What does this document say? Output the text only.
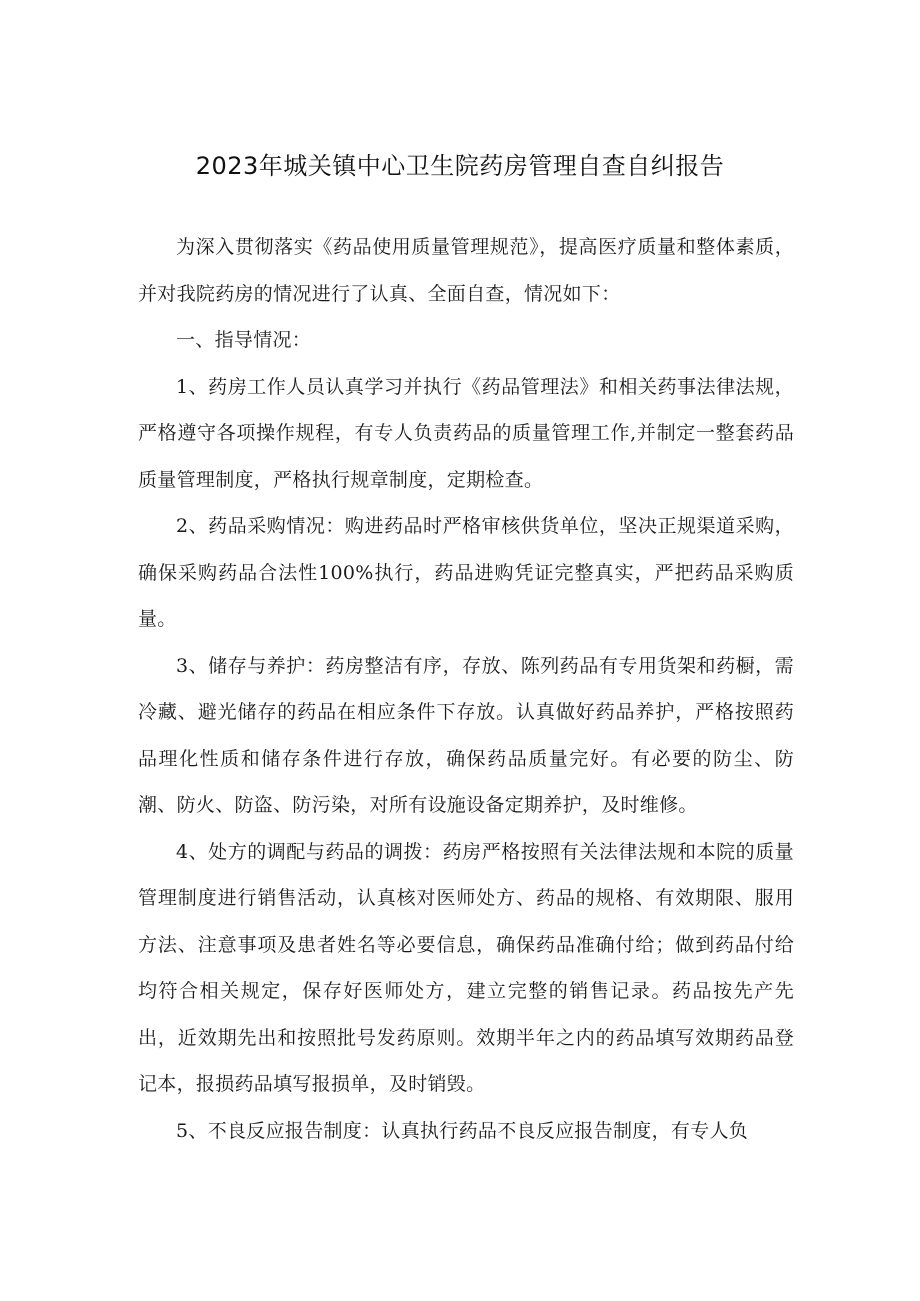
2023年城关镇中心卫生院药房管理自查自纠报告

为深入贯彻落实《药品使用质量管理规范》，提高医疗质量和整体素质，并对我院药房的情况进行了认真、全面自查，情况如下：

一、指导情况：

1、药房工作人员认真学习并执行《药品管理法》和相关药事法律法规，严格遵守各项操作规程，有专人负责药品的质量管理工作,并制定一整套药品质量管理制度，严格执行规章制度，定期检查。

2、药品采购情况：购进药品时严格审核供货单位，坚决正规渠道采购，确保采购药品合法性100%执行，药品进购凭证完整真实，严把药品采购质量。

3、储存与养护：药房整洁有序，存放、陈列药品有专用货架和药橱，需冷藏、避光储存的药品在相应条件下存放。认真做好药品养护，严格按照药品理化性质和储存条件进行存放，确保药品质量完好。有必要的防尘、防潮、防火、防盗、防污染，对所有设施设备定期养护，及时维修。

4、处方的调配与药品的调拨：药房严格按照有关法律法规和本院的质量管理制度进行销售活动，认真核对医师处方、药品的规格、有效期限、服用方法、注意事项及患者姓名等必要信息，确保药品准确付给；做到药品付给均符合相关规定，保存好医师处方，建立完整的销售记录。药品按先产先出，近效期先出和按照批号发药原则。效期半年之内的药品填写效期药品登记本，报损药品填写报损单，及时销毁。

5、不良反应报告制度：认真执行药品不良反应报告制度，有专人负
